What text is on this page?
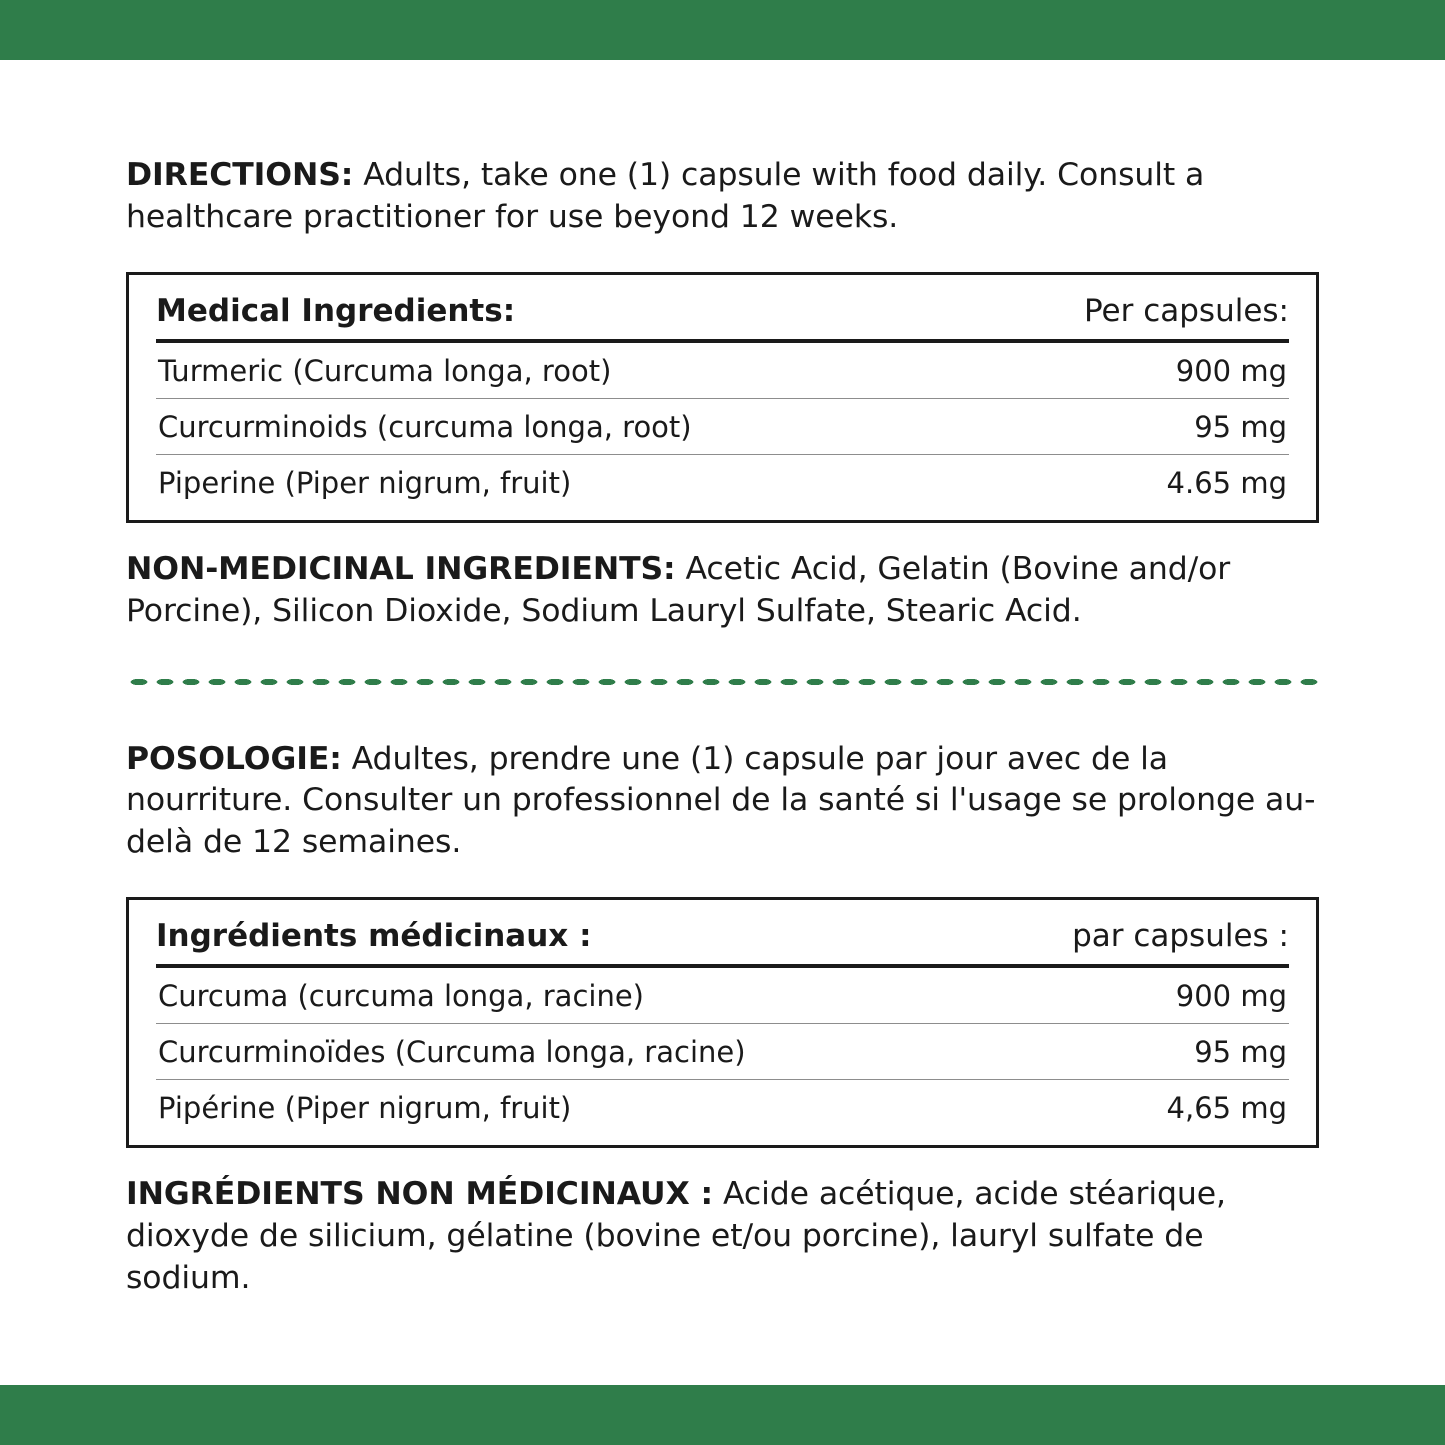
DIRECTIONS: Adults, take one (1) capsule with food daily. Consult a healthcare practitioner for use beyond 12 weeks.

Medical Ingredients:	Per capsules:
Turmeric (Curcuma longa, root)	900 mg
Curcurminoids (curcuma longa, root)	95 mg
Piperine (Piper nigrum, fruit)	4.65 mg

NON-MEDICINAL INGREDIENTS: Acetic Acid, Gelatin (Bovine and/or Porcine), Silicon Dioxide, Sodium Lauryl Sulfate, Stearic Acid.

POSOLOGIE: Adultes, prendre une (1) capsule par jour avec de la nourriture. Consulter un professionnel de la santé si l'usage se prolonge au-delà de 12 semaines.

Ingrédients médicinaux :	par capsules :
Curcuma (curcuma longa, racine)	900 mg
Curcurminoïdes (Curcuma longa, racine)	95 mg
Pipérine (Piper nigrum, fruit)	4,65 mg

INGRÉDIENTS NON MÉDICINAUX : Acide acétique, acide stéarique, dioxyde de silicium, gélatine (bovine et/ou porcine), lauryl sulfate de sodium.
